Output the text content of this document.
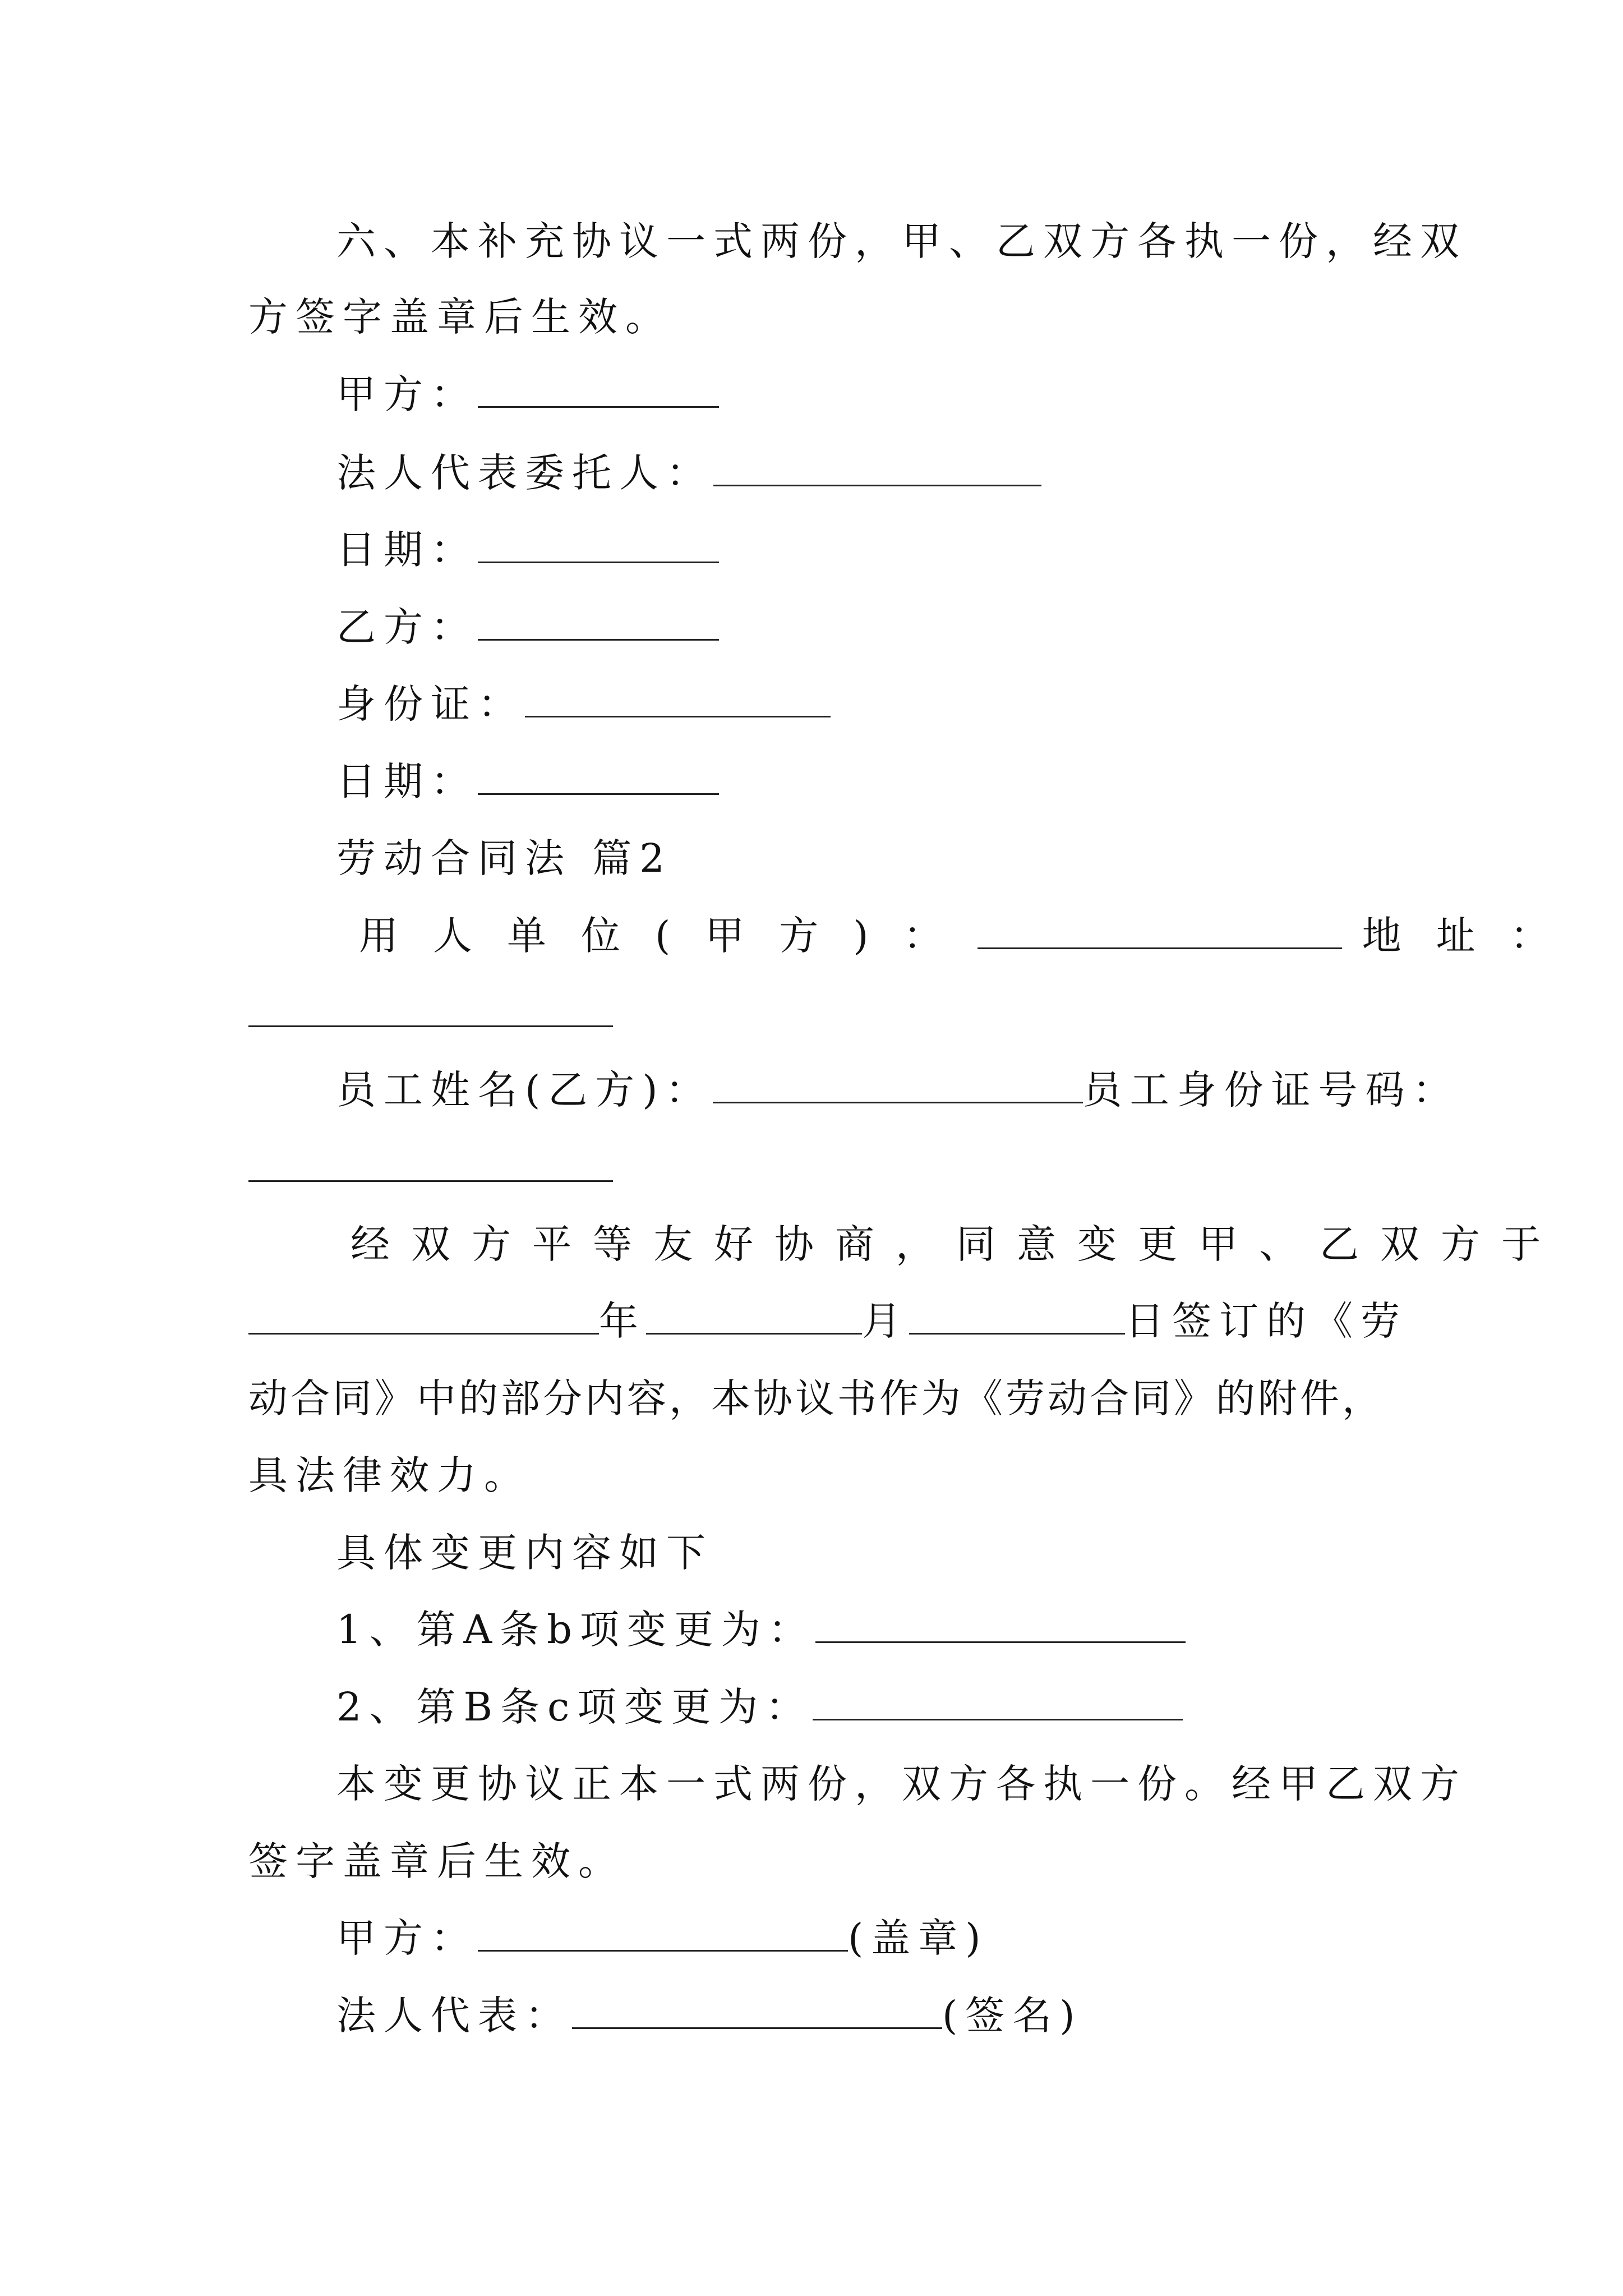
六、本补充协议一式两份，甲、乙双方各执一份，经双
方签字盖章后生效。
甲方：
法人代表委托人：
日期：
乙方：
身份证：
日期：
劳动合同法 篇2
用人单位(甲方)：	地址：
员工姓名(乙方)：	员工身份证号码：
经双方平等友好协商，同意变更甲、乙双方于
年	月	日签订的《劳
动合同》中的部分内容，本协议书作为《劳动合同》的附件，
具法律效力。
具体变更内容如下
1、第A条b项变更为：
2、第B条c项变更为：
本变更协议正本一式两份，双方各执一份。经甲乙双方
签字盖章后生效。
甲方：	(盖章)
法人代表：	(签名)
